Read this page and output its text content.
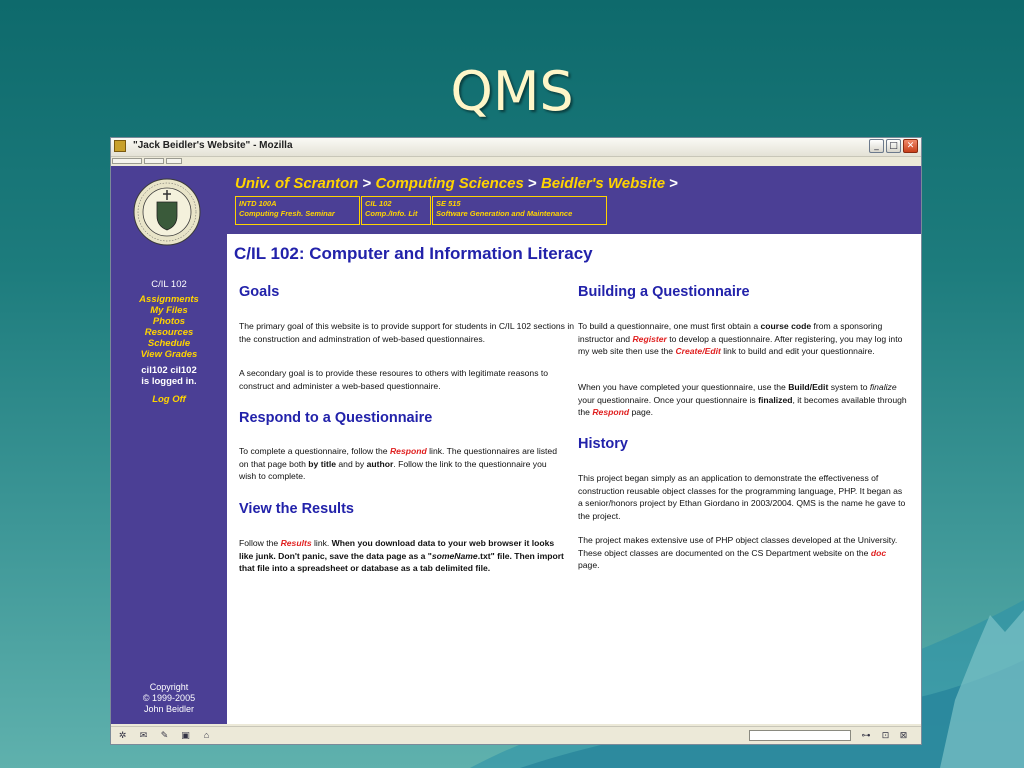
QMS
"Jack Beidler's Website" - Mozilla	_	□ ✕
C/IL 102
Assignments
My Files
Photos
Resources
Schedule
View Grades
cil102 cil102
is logged in.
Log Off
Copyright
© 1999-2005
John Beidler
Univ. of Scranton > Computing Sciences > Beidler's Website >
INTD 100A
Computing Fresh. Seminar
CIL 102
Comp./Info. Lit
SE 515
Software Generation and Maintenance
C/IL 102: Computer and Information Literacy
Goals
The primary goal of this website is to provide support for students in C/IL 102 sections in the construction and adminstration of web-based questionnaires.
A secondary goal is to provide these resoures to others with legitimate reasons to construct and administer a web-based questionnaire.
Respond to a Questionnaire
To complete a questionnaire, follow the Respond link. The questionnaires are listed on that page both by title and by author. Follow the link to the questionnaire you wish to complete.
View the Results
Follow the Results link. When you download data to your web browser it looks like junk. Don't panic, save the data page as a "someName.txt" file. Then import that file into a spreadsheet or database as a tab delimited file.
Building a Questionnaire
To build a questionnaire, one must first obtain a course code from a sponsoring instructor and Register to develop a questionnaire. After registering, you may log into my web site then use the Create/Edit link to build and edit your questionnaire.
When you have completed your questionnaire, use the Build/Edit system to finalize your questionnaire. Once your questionnaire is finalized, it becomes available through the Respond page.
History
This project began simply as an application to demonstrate the effectiveness of construction reusable object classes for the programming language, PHP. It began as a senior/honors project by Ethan Giordano in 2003/2004. QMS is the name he gave to the project.
The project makes extensive use of PHP object classes developed at the University. These object classes are documented on the CS Department website on the doc page.
✲	✉	✎	▣	⌂	⊶	⊡	⊠
